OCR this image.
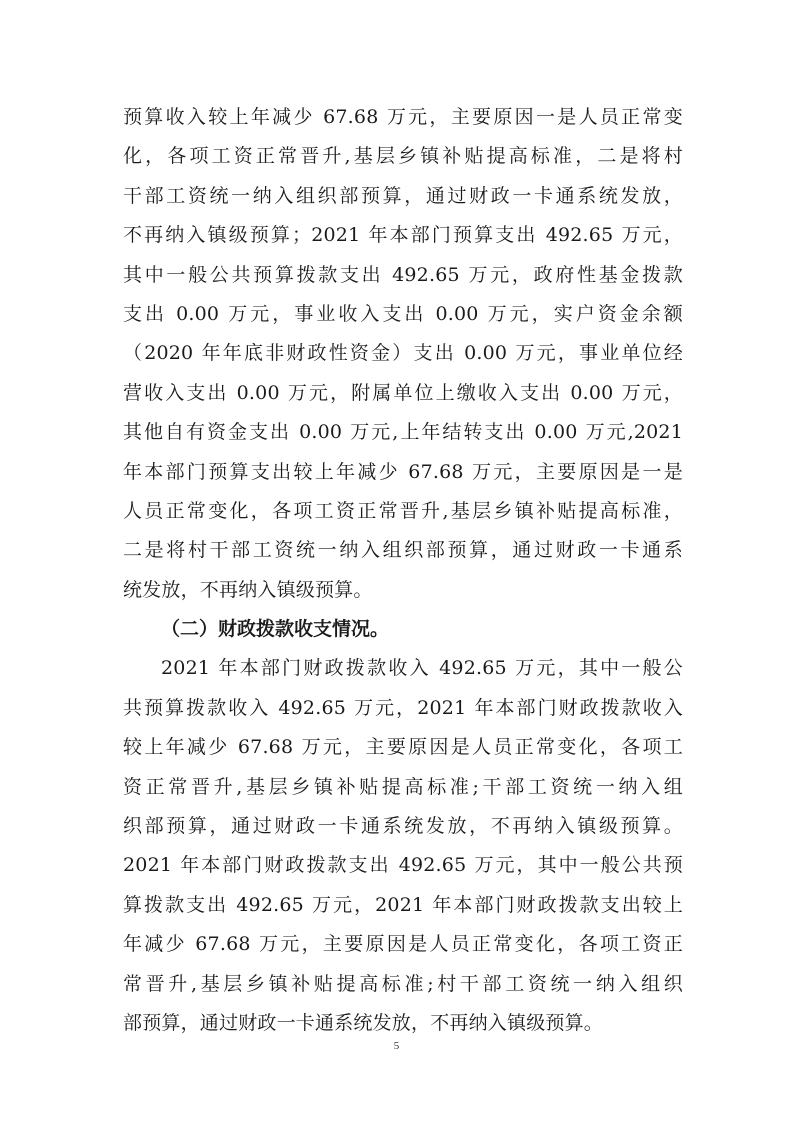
预算收入较上年减少 67.68 万元，主要原因一是人员正常变
化，各项工资正常晋升,基层乡镇补贴提高标准，二是将村
干部工资统一纳入组织部预算，通过财政一卡通系统发放，
不再纳入镇级预算；2021 年本部门预算支出 492.65 万元，
其中一般公共预算拨款支出 492.65 万元，政府性基金拨款
支出 0.00 万元，事业收入支出 0.00 万元，实户资金余额
（2020 年年底非财政性资金）支出 0.00 万元，事业单位经
营收入支出 0.00 万元，附属单位上缴收入支出 0.00 万元，
其他自有资金支出 0.00 万元,上年结转支出 0.00 万元,2021
年本部门预算支出较上年减少 67.68 万元，主要原因是一是
人员正常变化，各项工资正常晋升,基层乡镇补贴提高标准，
二是将村干部工资统一纳入组织部预算，通过财政一卡通系
统发放，不再纳入镇级预算。
（二）财政拨款收支情况。
2021 年本部门财政拨款收入 492.65 万元，其中一般公
共预算拨款收入 492.65 万元，2021 年本部门财政拨款收入
较上年减少 67.68 万元，主要原因是人员正常变化，各项工
资正常晋升,基层乡镇补贴提高标准;干部工资统一纳入组
织部预算，通过财政一卡通系统发放，不再纳入镇级预算。
2021 年本部门财政拨款支出 492.65 万元，其中一般公共预
算拨款支出 492.65 万元，2021 年本部门财政拨款支出较上
年减少 67.68 万元，主要原因是人员正常变化，各项工资正
常晋升,基层乡镇补贴提高标准;村干部工资统一纳入组织
部预算，通过财政一卡通系统发放，不再纳入镇级预算。
5
